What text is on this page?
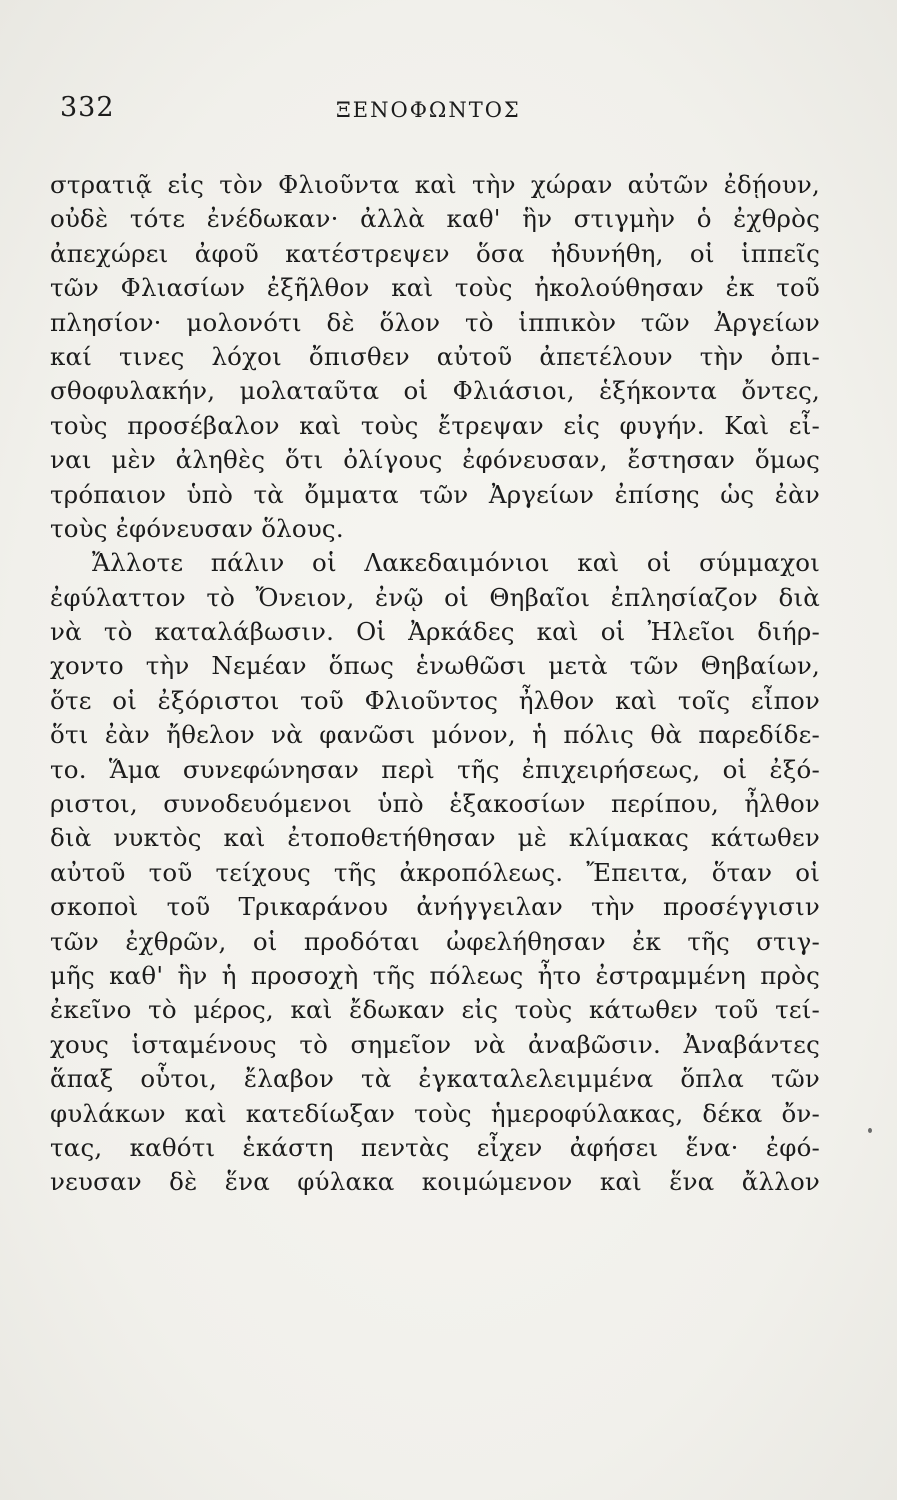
332	ΞΕΝΟΦΩΝΤΟΣ
στρατιᾷ εἰς τὸν Φλιοῦντα καὶ τὴν χώραν αὐτῶν ἐδῄουν,
οὐδὲ τότε ἐνέδωκαν· ἀλλὰ καθ' ἣν στιγμὴν ὁ ἐχθρὸς
ἀπεχώρει ἀφοῦ κατέστρεψεν ὅσα ἠδυνήθη, οἱ ἱππεῖς
τῶν Φλιασίων ἐξῆλθον καὶ τοὺς ἠκολούθησαν ἐκ τοῦ
πλησίον· μολονότι δὲ ὅλον τὸ ἱππικὸν τῶν Ἀργείων
καί τινες λόχοι ὄπισθεν αὐτοῦ ἀπετέλουν τὴν ὀπι-
σθοφυλακήν, μολαταῦτα οἱ Φλιάσιοι, ἑξήκοντα ὄντες,
τοὺς προσέβαλον καὶ τοὺς ἔτρεψαν εἰς φυγήν. Καὶ εἶ-
ναι μὲν ἀληθὲς ὅτι ὀλίγους ἐφόνευσαν, ἔστησαν ὅμως
τρόπαιον ὑπὸ τὰ ὄμματα τῶν Ἀργείων ἐπίσης ὡς ἐὰν
τοὺς ἐφόνευσαν ὅλους.
Ἄλλοτε πάλιν οἱ Λακεδαιμόνιοι καὶ οἱ σύμμαχοι
ἐφύλαττον τὸ Ὄνειον, ἐνῷ οἱ Θηβαῖοι ἐπλησίαζον διὰ
νὰ τὸ καταλάβωσιν. Οἱ Ἀρκάδες καὶ οἱ Ἠλεῖοι διήρ-
χοντο τὴν Νεμέαν ὅπως ἑνωθῶσι μετὰ τῶν Θηβαίων,
ὅτε οἱ ἐξόριστοι τοῦ Φλιοῦντος ἦλθον καὶ τοῖς εἶπον
ὅτι ἐὰν ἤθελον νὰ φανῶσι μόνον, ἡ πόλις θὰ παρεδίδε-
το. Ἅμα συνεφώνησαν περὶ τῆς ἐπιχειρήσεως, οἱ ἐξό-
ριστοι, συνοδευόμενοι ὑπὸ ἑξακοσίων περίπου, ἦλθον
διὰ νυκτὸς καὶ ἐτοποθετήθησαν μὲ κλίμακας κάτωθεν
αὐτοῦ τοῦ τείχους τῆς ἀκροπόλεως. Ἔπειτα, ὅταν οἱ
σκοποὶ τοῦ Τρικαράνου ἀνήγγειλαν τὴν προσέγγισιν
τῶν ἐχθρῶν, οἱ προδόται ὠφελήθησαν ἐκ τῆς στιγ-
μῆς καθ' ἣν ἡ προσοχὴ τῆς πόλεως ἦτο ἐστραμμένη πρὸς
ἐκεῖνο τὸ μέρος, καὶ ἔδωκαν εἰς τοὺς κάτωθεν τοῦ τεί-
χους ἱσταμένους τὸ σημεῖον νὰ ἀναβῶσιν. Ἀναβάντες
ἅπαξ οὗτοι, ἔλαβον τὰ ἐγκαταλελειμμένα ὅπλα τῶν
φυλάκων καὶ κατεδίωξαν τοὺς ἡμεροφύλακας, δέκα ὄν-
τας, καθότι ἑκάστη πεντὰς εἶχεν ἀφήσει ἕνα· ἐφό-
νευσαν δὲ ἕνα φύλακα κοιμώμενον καὶ ἕνα ἄλλον
